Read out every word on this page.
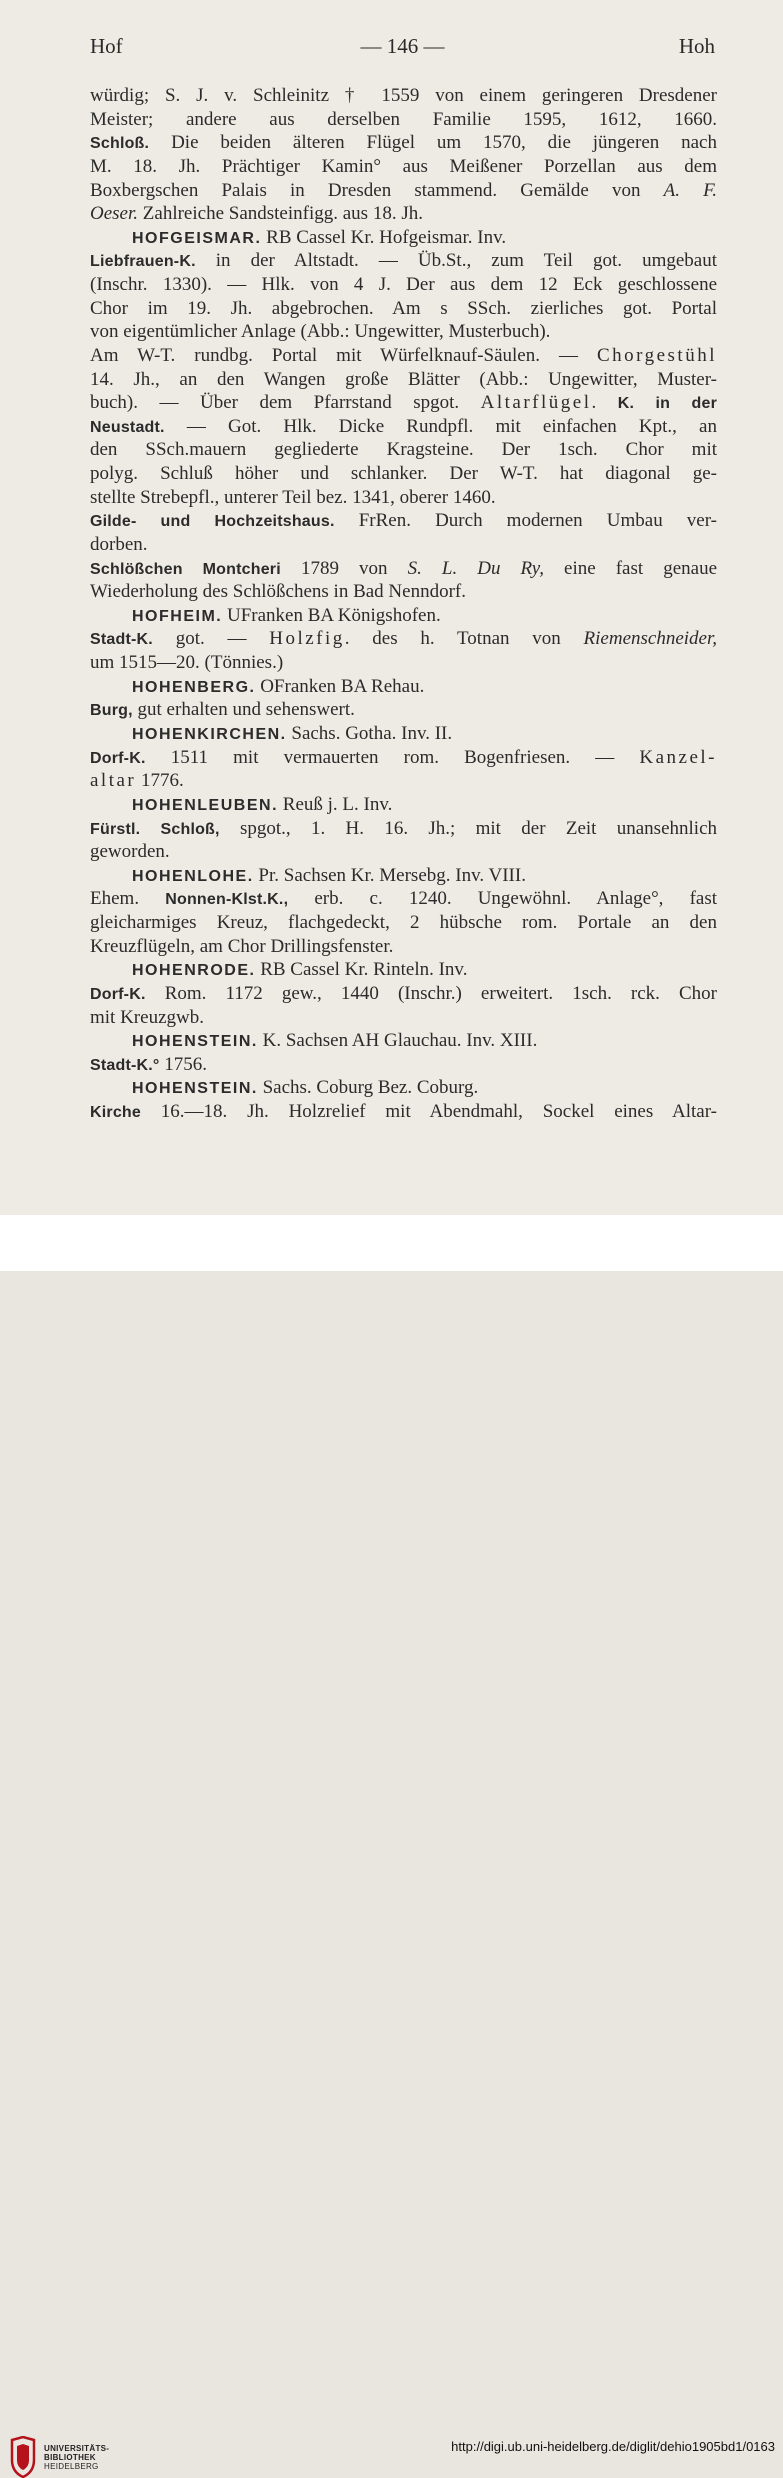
Hof	— 146 —	Hoh
würdig; S. J. v. Schleinitz † 1559 von einem geringeren Dresdener
Meister; andere aus derselben Familie 1595, 1612, 1660.
Schloß. Die beiden älteren Flügel um 1570, die jüngeren nach
M. 18. Jh. Prächtiger Kamin° aus Meißener Porzellan aus dem
Boxbergschen Palais in Dresden stammend. Gemälde von A. F.
Oeser. Zahlreiche Sandsteinfigg. aus 18. Jh.
HOFGEISMAR. RB Cassel Kr. Hofgeismar. Inv.
Liebfrauen-K. in der Altstadt. — Üb.St., zum Teil got. umgebaut
(Inschr. 1330). — Hlk. von 4 J. Der aus dem 12 Eck geschlossene
Chor im 19. Jh. abgebrochen. Am s SSch. zierliches got. Portal
von eigentümlicher Anlage (Abb.: Ungewitter, Musterbuch).
Am W-T. rundbg. Portal mit Würfelknauf-Säulen. — Chorgestühl
14. Jh., an den Wangen große Blätter (Abb.: Ungewitter, Muster-
buch). — Über dem Pfarrstand spgot. Altarflügel. K. in der
Neustadt. — Got. Hlk. Dicke Rundpfl. mit einfachen Kpt., an
den SSch.mauern gegliederte Kragsteine. Der 1sch. Chor mit
polyg. Schluß höher und schlanker. Der W-T. hat diagonal ge-
stellte Strebepfl., unterer Teil bez. 1341, oberer 1460.
Gilde- und Hochzeitshaus. FrRen. Durch modernen Umbau ver-
dorben.
Schlößchen Montcheri 1789 von S. L. Du Ry, eine fast genaue
Wiederholung des Schlößchens in Bad Nenndorf.
HOFHEIM. UFranken BA Königshofen.
Stadt-K. got. — Holzfig. des h. Totnan von Riemenschneider,
um 1515—20. (Tönnies.)
HOHENBERG. OFranken BA Rehau.
Burg, gut erhalten und sehenswert.
HOHENKIRCHEN. Sachs. Gotha. Inv. II.
Dorf-K. 1511 mit vermauerten rom. Bogenfriesen. — Kanzel-
altar 1776.
HOHENLEUBEN. Reuß j. L. Inv.
Fürstl. Schloß, spgot., 1. H. 16. Jh.; mit der Zeit unansehnlich
geworden.
HOHENLOHE. Pr. Sachsen Kr. Mersebg. Inv. VIII.
Ehem. Nonnen-Klst.K., erb. c. 1240. Ungewöhnl. Anlage°, fast
gleicharmiges Kreuz, flachgedeckt, 2 hübsche rom. Portale an den
Kreuzflügeln, am Chor Drillingsfenster.
HOHENRODE. RB Cassel Kr. Rinteln. Inv.
Dorf-K. Rom. 1172 gew., 1440 (Inschr.) erweitert. 1sch. rck. Chor
mit Kreuzgwb.
HOHENSTEIN. K. Sachsen AH Glauchau. Inv. XIII.
Stadt-K.° 1756.
HOHENSTEIN. Sachs. Coburg Bez. Coburg.
Kirche 16.—18. Jh. Holzrelief mit Abendmahl, Sockel eines Altar-
UNIVERSITÄTS-
BIBLIOTHEK
HEIDELBERG
http://digi.ub.uni-heidelberg.de/diglit/dehio1905bd1/0163
